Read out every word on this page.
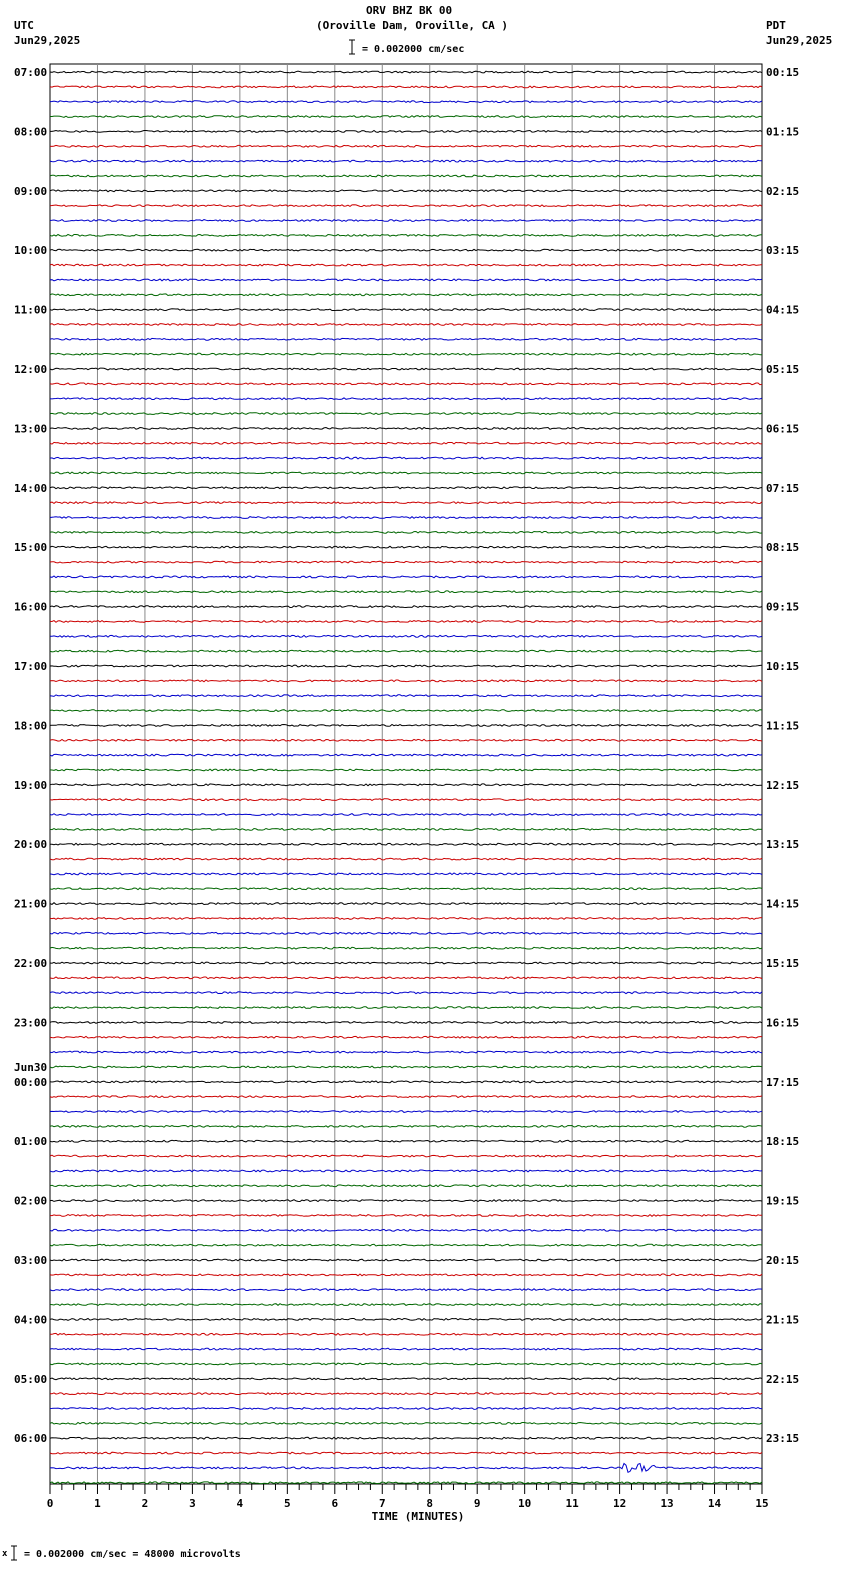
ORV BHZ BK 00
(Oroville Dam, Oroville, CA )
= 0.002000 cm/sec
UTC
Jun29,2025
PDT
Jun29,2025
x = 0.002000 cm/sec = 48000 microvolts
07:00	00:15
08:00	01:15
09:00	02:15
10:00	03:15
11:00	04:15
12:00	05:15
13:00	06:15
14:00	07:15
15:00	08:15
16:00	09:15
17:00	10:15
18:00	11:15
19:00	12:15
20:00	13:15
21:00	14:15
22:00	15:15
23:00	16:15
00:00	17:15
Jun30
01:00	18:15
02:00	19:15
03:00	20:15
04:00	21:15
05:00	22:15
06:00	23:15
0	1	2	3	4	5	6	7	8	9	10	11	12	13	14	15
TIME (MINUTES)
